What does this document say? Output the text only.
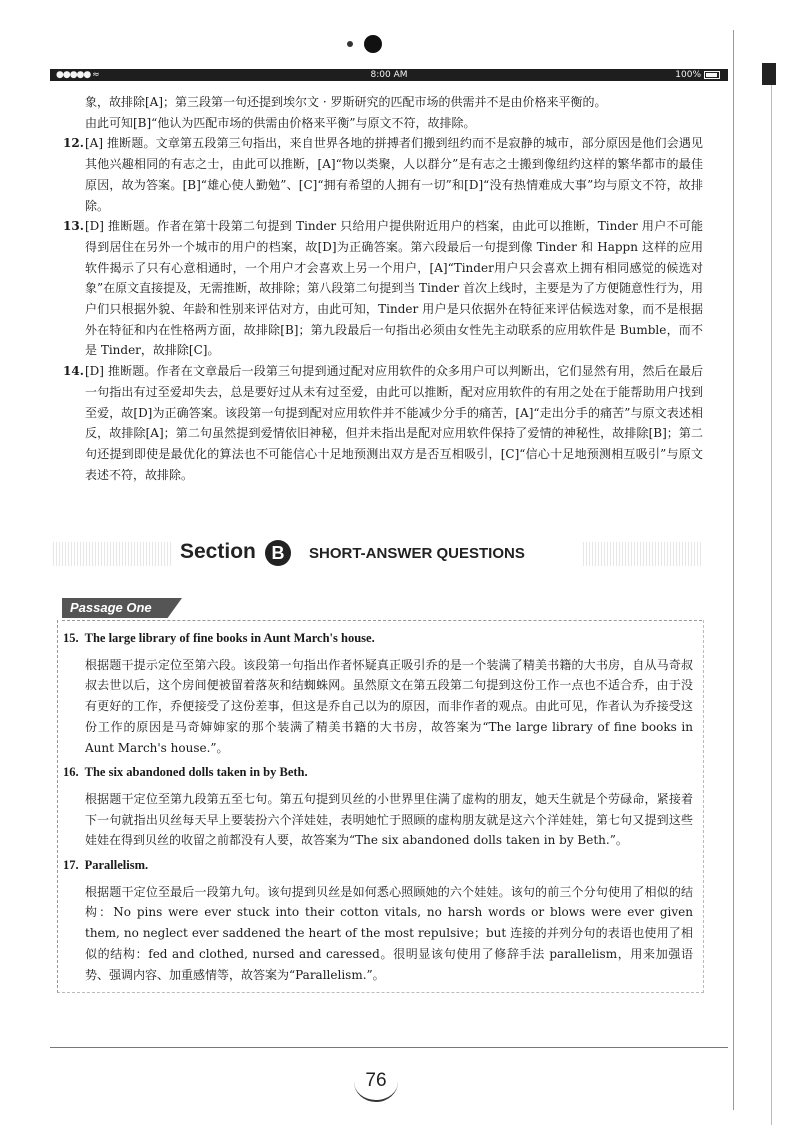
●●●●● ≈	8:00 AM	100%

象，故排除[A]；第三段第一句还提到埃尔文 · 罗斯研究的匹配市场的供需并不是由价格来平衡的。

由此可知[B]“他认为匹配市场的供需由价格来平衡”与原文不符，故排除。

12. [A] 推断题。文章第五段第三句指出，来自世界各地的拼搏者们搬到纽约而不是寂静的城市，部分原因是他们会遇见其他兴趣相同的有志之士，由此可以推断，[A]“物以类聚，人以群分”是有志之士搬到像纽约这样的繁华都市的最佳原因，故为答案。[B]“雄心使人勤勉”、[C]“拥有希望的人拥有一切”和[D]“没有热情难成大事”均与原文不符，故排除。
13. [D] 推断题。作者在第十段第二句提到 Tinder 只给用户提供附近用户的档案，由此可以推断，Tinder 用户不可能得到居住在另外一个城市的用户的档案，故[D]为正确答案。第六段最后一句提到像 Tinder 和 Happn 这样的应用软件揭示了只有心意相通时，一个用户才会喜欢上另一个用户，[A]“Tinder用户只会喜欢上拥有相同感觉的候选对象”在原文直接提及，无需推断，故排除；第八段第二句提到当 Tinder 首次上线时，主要是为了方便随意性行为，用户们只根据外貌、年龄和性别来评估对方，由此可知，Tinder 用户是只依据外在特征来评估候选对象，而不是根据外在特征和内在性格两方面，故排除[B]；第九段最后一句指出必须由女性先主动联系的应用软件是 Bumble，而不是 Tinder，故排除[C]。
14. [D] 推断题。作者在文章最后一段第三句提到通过配对应用软件的众多用户可以判断出，它们显然有用，然后在最后一句指出有过至爱却失去，总是要好过从未有过至爱，由此可以推断，配对应用软件的有用之处在于能帮助用户找到至爱，故[D]为正确答案。该段第一句提到配对应用软件并不能减少分手的痛苦，[A]“走出分手的痛苦”与原文表述相反，故排除[A]；第二句虽然提到爱情依旧神秘，但并未指出是配对应用软件保持了爱情的神秘性，故排除[B]；第二句还提到即使是最优化的算法也不可能信心十足地预测出双方是否互相吸引，[C]“信心十足地预测相互吸引”与原文表述不符，故排除。
Section B	SHORT-ANSWER QUESTIONS
Passage One

15. The large library of fine books in Aunt March's house.

根据题干提示定位至第六段。该段第一句指出作者怀疑真正吸引乔的是一个装满了精美书籍的大书房，自从马奇叔叔去世以后，这个房间便被留着落灰和结蜘蛛网。虽然原文在第五段第二句提到这份工作一点也不适合乔，由于没有更好的工作，乔便接受了这份差事，但这是乔自己以为的原因，而非作者的观点。由此可见，作者认为乔接受这份工作的原因是马奇婶婶家的那个装满了精美书籍的大书房，故答案为“The large library of fine books in Aunt March's house.”。

16. The six abandoned dolls taken in by Beth.

根据题干定位至第九段第五至七句。第五句提到贝丝的小世界里住满了虚构的朋友，她天生就是个劳碌命，紧接着下一句就指出贝丝每天早上要装扮六个洋娃娃，表明她忙于照顾的虚构朋友就是这六个洋娃娃，第七句又提到这些娃娃在得到贝丝的收留之前都没有人要，故答案为“The six abandoned dolls taken in by Beth.”。

17. Parallelism.

根据题干定位至最后一段第九句。该句提到贝丝是如何悉心照顾她的六个娃娃。该句的前三个分句使用了相似的结构：No pins were ever stuck into their cotton vitals, no harsh words or blows were ever given them, no neglect ever saddened the heart of the most repulsive；but 连接的并列分句的表语也使用了相似的结构：fed and clothed, nursed and caressed。很明显该句使用了修辞手法 parallelism，用来加强语势、强调内容、加重感情等，故答案为“Parallelism.”。

76
